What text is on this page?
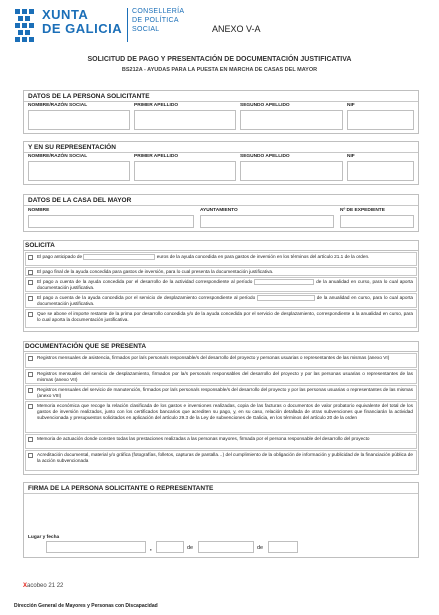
XUNTA
DE GALICIA
CONSELLERÍA
DE POLÍTICA
SOCIAL	ANEXO V-A
SOLICITUD DE PAGO Y PRESENTACIÓN DE DOCUMENTACIÓN JUSTIFICATIVA
BS212A - AYUDAS PARA LA PUESTA EN MARCHA DE CASAS DEL MAYOR
DATOS DE LA PERSONA SOLICITANTE
NOMBRE/RAZÓN SOCIAL	PRIMER APELLIDO	SEGUNDO APELLIDO	NIF
Y EN SU REPRESENTACIÓN
NOMBRE/RAZÓN SOCIAL	PRIMER APELLIDO	SEGUNDO APELLIDO	NIF
DATOS DE LA CASA DEL MAYOR
NOMBRE	AYUNTAMIENTO	Nº DE EXPEDIENTE
SOLICITA
El pago anticipado de	euros de la ayuda concedida en para gastos de inversión en los términos del artículo 21.1 de la orden.
El pago final de la ayuda concedida para gastos de inversión, para lo cual presenta la documentación justificativa.
El pago a cuenta de la ayuda concedida por el desarrollo de la actividad correspondiente al período	de la anualidad en curso, para lo cual aporta documentación justificativa.
El pago a cuenta de la ayuda concedida por el servicio de desplazamiento correspondiente al período	de la anualidad en curso, para lo cual aporta documentación justificativa.
Que se abone el importe restante de la prima por desarrollo concedida y/o de la ayuda concedida por el servicio de desplazamiento, correspondiente a la anualidad en curso, para lo cual aporta la documentación justificativa.
DOCUMENTACIÓN QUE SE PRESENTA
Registros mensuales de asistencia, firmados por la/s persona/s responsable/s del desarrollo del proyecto y personas usuarias o representantes de las mismas (anexo VI)
Registros mensuales del servicio de desplazamiento, firmados por la/s persona/s responsables del desarrollo del proyecto y por las personas usuarias o representantes de las mismas (anexo VII)
Registros mensuales del servicio de manutención, firmados por la/s persona/s responsable/s del desarrollo del proyecto y por las personas usuarias o representantes de las mismas (anexo VIII)
Memoria económica que recoge la relación clasificada de los gastos e inversiones realizadas, copia de las facturas o documentos de valor probatorio equivalente del total de los gastos de inversión realizados, junto con los certificados bancarios que acrediten su pago, y, en su caso, relación detallada de otras subvenciones que financiarán la actividad subvencionada y presupuestos solicitados en aplicación del artículo 29.3 de la Ley de subvenciones de Galicia, en los términos del artículo 20 de la orden
Memoria de actuación donde consten todas las prestaciones realizadas a las personas mayores, firmada por el persona responsable del desarrollo del proyecto
Acreditación documental, material y/o gráfica (fotografías, folletos, capturas de pantalla…) del cumplimiento de la obligación de información y publicidad de la financiación pública de la acción subvencionada
FIRMA DE LA PERSONA SOLICITANTE O REPRESENTANTE
Lugar y fecha
,	de	de
Xacobeo 21 22
Dirección General de Mayores y Personas con Discapacidad
